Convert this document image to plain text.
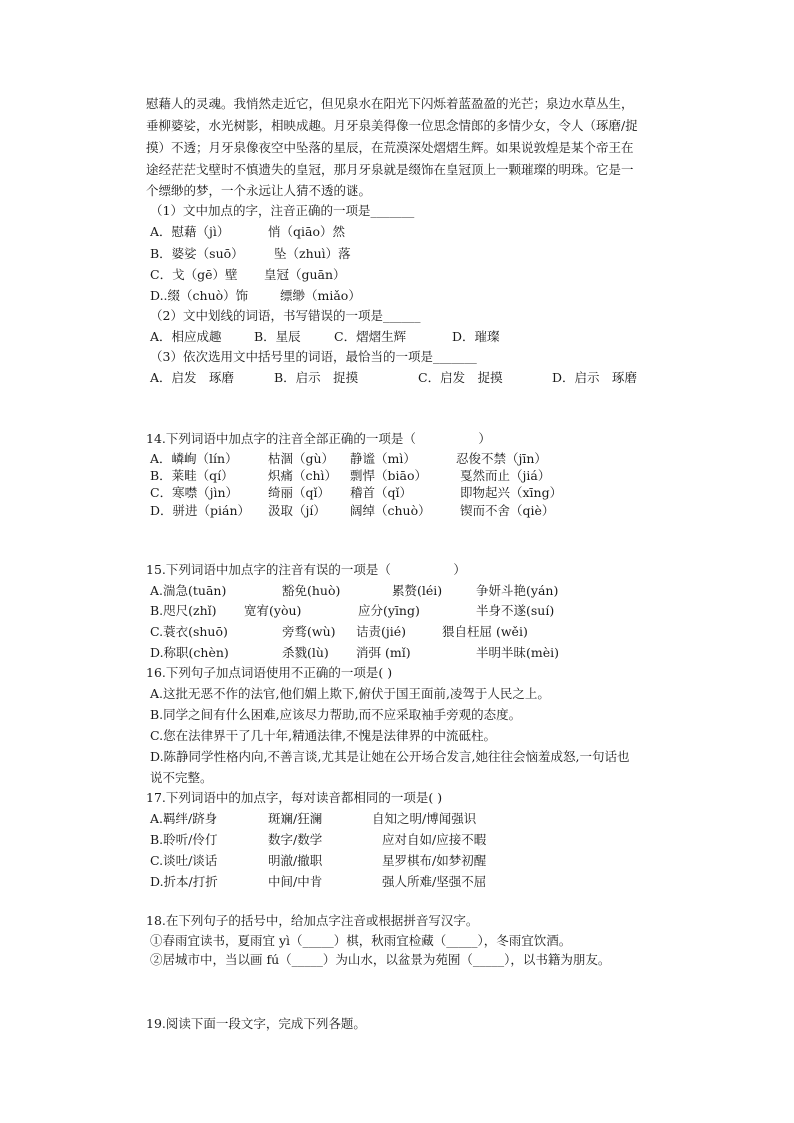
慰藉人的灵魂。我悄然走近它，但见泉水在阳光下闪烁着蓝盈盈的光芒；泉边水草丛生，
垂柳婆娑，水光树影，相映成趣。月牙泉美得像一位思念情郎的多情少女，令人（琢磨/捉
摸）不透；月牙泉像夜空中坠落的星辰，在荒漠深处熠熠生辉。如果说敦煌是某个帝王在
途经茫茫戈壁时不慎遗失的皇冠，那月牙泉就是缀饰在皇冠顶上一颗璀璨的明珠。它是一
个缥缈的梦，一个永远让人猜不透的谜。
（1）文中加点的字，注音正确的一项是_______
A．慰藉（jì）	悄（qiāo）然
B．婆娑（suō） 坠（zhuì）落
C．戈（gē）壁 皇冠（guān）
D..缀（chuò）饰	缥缈（miǎo）
（2）文中划线的词语，书写错误的一项是______
A．相应成趣	B．星辰	C．熠熠生辉	D．璀璨
（3）依次选用文中括号里的词语，最恰当的一项是_______
A．启发　琢磨	B．启示　捉摸	C．启发　捉摸	D．启示　琢磨
14.下列词语中加点字的注音全部正确的一项是（　　　　　）
A．嶙峋（lín） 枯涸（gù） 静谧（mì）	忍俊不禁（jīn）
B．莱畦（qí）	炽痛（chì） 剽悍（biāo）	戛然而止（jiá）
C．寒噤（jìn） 绮丽（qǐ） 稽首（qǐ）	即物起兴（xīng）
D．骈进（pián） 汲取（jí） 阔绰（chuò） 锲而不舍（qiè）
15.下列词语中加点字的注音有误的一项是（　　　　　）
A.湍急(tuān)	豁免(huò)	累赘(léi)	争妍斗艳(yán)
B.咫尺(zhǐ) 宽宥(yòu)	应分(yīng)	半身不遂(suí)
C.蓑衣(shuō)	旁骛(wù) 诘责(jié)	猥自枉屈 (wěi)
D.称职(chèn)	杀戮(lù) 消弭 (mǐ)	半明半昧(mèi)
16.下列句子加点词语使用不正确的一项是( )
A.这批无恶不作的法官,他们媚上欺下,俯伏于国王面前,凌驾于人民之上。
B.同学之间有什么困难,应该尽力帮助,而不应采取袖手旁观的态度。
C.您在法律界干了几十年,精通法律,不愧是法律界的中流砥柱。
D.陈静同学性格内向,不善言谈,尤其是让她在公开场合发言,她往往会恼羞成怒,一句话也
说不完整。
17.下列词语中的加点字，每对读音都相同的一项是( )
A.羁绊/跻身	斑斓/狂澜	自知之明/博闻强识
B.聆听/伶仃	数字/数学	应对自如/应接不暇
C.谈吐/谈话	明澈/撤职	星罗棋布/如梦初醒
D.折本/打折	中间/中肯	强人所难/坚强不屈
18.在下列句子的括号中，给加点字注音或根据拼音写汉字。
①春雨宜读书，夏雨宜 yì（_____）棋，秋雨宜检藏（_____），冬雨宜饮酒。
②居城市中，当以画 fú（_____）为山水，以盆景为苑囿（_____），以书籍为朋友。
19.阅读下面一段文字，完成下列各题。
